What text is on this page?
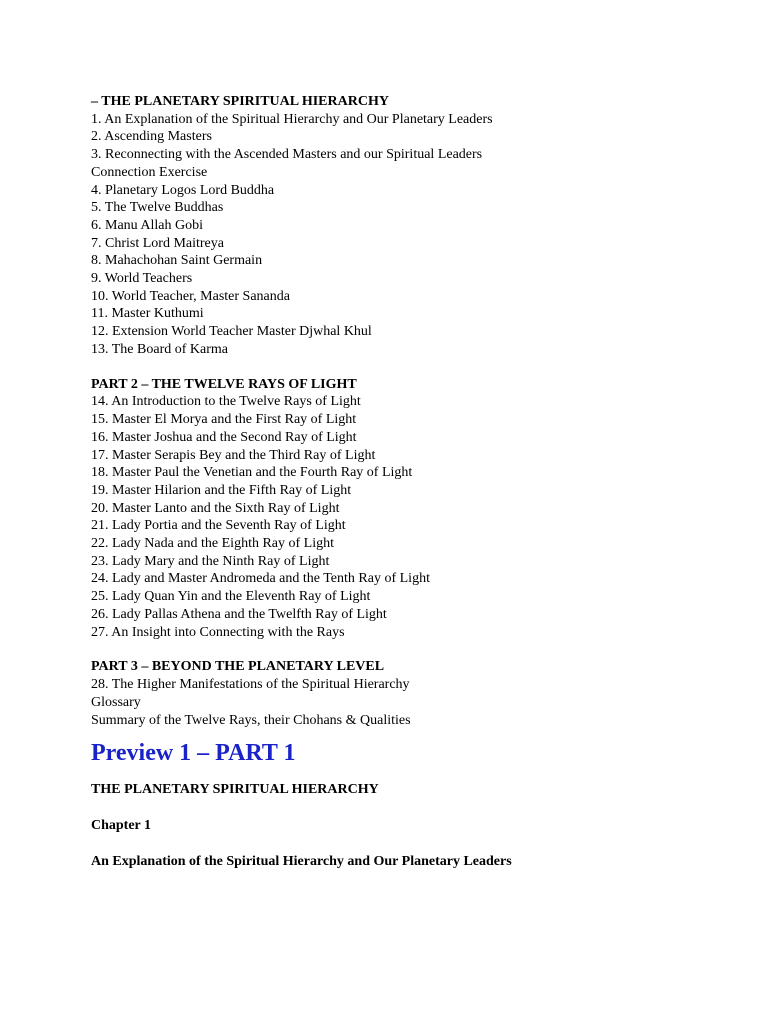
– THE PLANETARY SPIRITUAL HIERARCHY
1. An Explanation of the Spiritual Hierarchy and Our Planetary Leaders
2. Ascending Masters
3. Reconnecting with the Ascended Masters and our Spiritual Leaders
Connection Exercise
4. Planetary Logos Lord Buddha
5. The Twelve Buddhas
6. Manu Allah Gobi
7. Christ Lord Maitreya
8. Mahachohan Saint Germain
9. World Teachers
10. World Teacher, Master Sananda
11. Master Kuthumi
12. Extension World Teacher Master Djwhal Khul
13. The Board of Karma
PART 2 – THE TWELVE RAYS OF LIGHT
14. An Introduction to the Twelve Rays of Light
15. Master El Morya and the First Ray of Light
16. Master Joshua and the Second Ray of Light
17. Master Serapis Bey and the Third Ray of Light
18. Master Paul the Venetian and the Fourth Ray of Light
19. Master Hilarion and the Fifth Ray of Light
20. Master Lanto and the Sixth Ray of Light
21. Lady Portia and the Seventh Ray of Light
22. Lady Nada and the Eighth Ray of Light
23. Lady Mary and the Ninth Ray of Light
24. Lady and Master Andromeda and the Tenth Ray of Light
25. Lady Quan Yin and the Eleventh Ray of Light
26. Lady Pallas Athena and the Twelfth Ray of Light
27. An Insight into Connecting with the Rays
PART 3 – BEYOND THE PLANETARY LEVEL
28. The Higher Manifestations of the Spiritual Hierarchy
Glossary
Summary of the Twelve Rays, their Chohans & Qualities
Preview 1 – PART 1
THE PLANETARY SPIRITUAL HIERARCHY
Chapter 1
An Explanation of the Spiritual Hierarchy and Our Planetary Leaders
